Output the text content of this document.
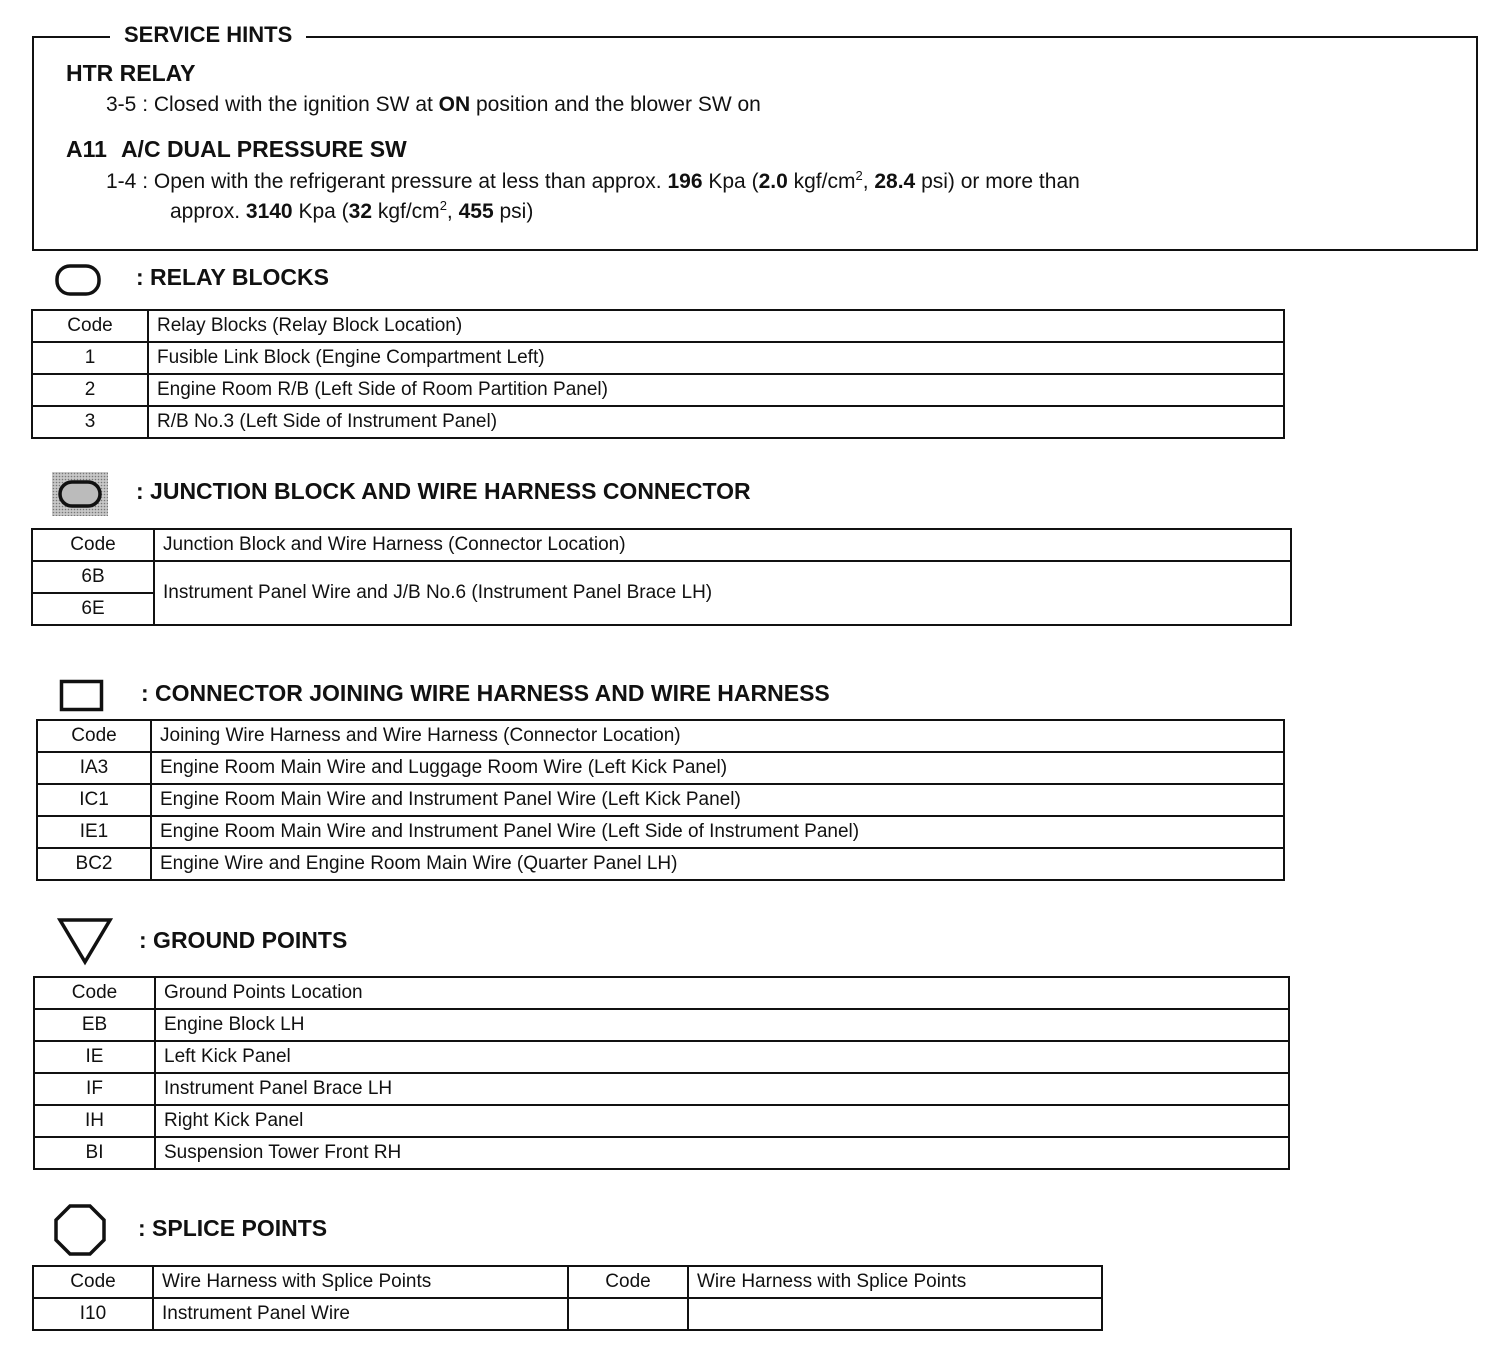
SERVICE HINTS
HTR RELAY
3-5 : Closed with the ignition SW at ON position and the blower SW on
A11 A/C DUAL PRESSURE SW
1-4 : Open with the refrigerant pressure at less than approx. 196 Kpa (2.0 kgf/$cm^2$, 28.4 psi) or more than
approx. 3140 Kpa (32 kgf/$cm^2$, 455 psi)
: RELAY BLOCKS
Code	Relay Blocks (Relay Block Location)
1	Fusible Link Block (Engine Compartment Left)
2	Engine Room R/B (Left Side of Room Partition Panel)
3	R/B No.3 (Left Side of Instrument Panel)
: JUNCTION BLOCK AND WIRE HARNESS CONNECTOR
Code	Junction Block and Wire Harness (Connector Location)
6B	Instrument Panel Wire and J/B No.6 (Instrument Panel Brace LH)
6E	
: CONNECTOR JOINING WIRE HARNESS AND WIRE HARNESS
Code	Joining Wire Harness and Wire Harness (Connector Location)
IA3	Engine Room Main Wire and Luggage Room Wire (Left Kick Panel)
IC1	Engine Room Main Wire and Instrument Panel Wire (Left Kick Panel)
IE1	Engine Room Main Wire and Instrument Panel Wire (Left Side of Instrument Panel)
BC2	Engine Wire and Engine Room Main Wire (Quarter Panel LH)
: GROUND POINTS
Code	Ground Points Location
EB	Engine Block LH
IE	Left Kick Panel
IF	Instrument Panel Brace LH
IH	Right Kick Panel
BI	Suspension Tower Front RH
: SPLICE POINTS
Code	Wire Harness with Splice Points	Code	Wire Harness with Splice Points
I10	Instrument Panel Wire		
